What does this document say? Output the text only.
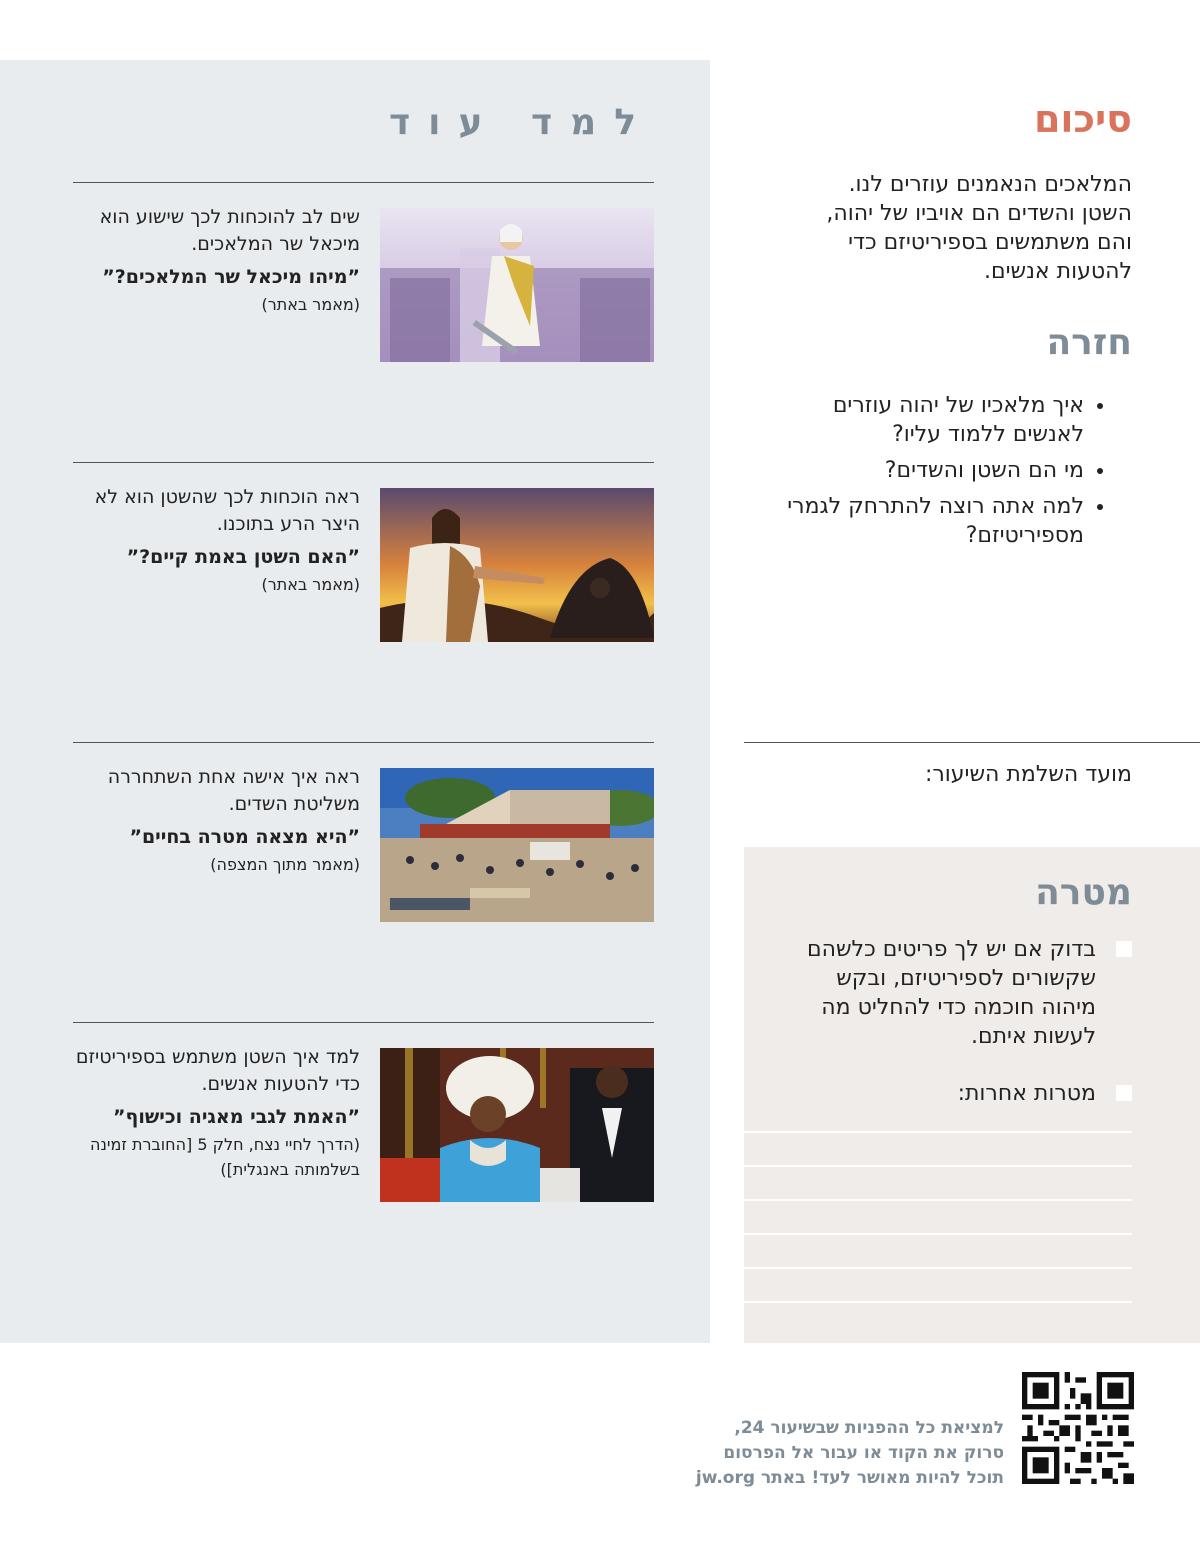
למד עוד

שים לב להוכחות לכך שישוע הוא מיכאל שר המלאכים.

”מיהו מיכאל שר המלאכים?”

(מאמר באתר)

ראה הוכחות לכך שהשטן הוא לא היצר הרע בתוכנו.

”האם השטן באמת קיים?”

(מאמר באתר)

ראה איך אישה אחת השתחררה משליטת השדים.

”היא מצאה מטרה בחיים”

(מאמר מתוך המצפה)

למד איך השטן משתמש בספיריטיזם כדי להטעות אנשים.

”האמת לגבי מאגיה וכישוף”

(הדרך לחיי נצח, חלק 5 [החוברת זמינה בשלמותה באנגלית])

סיכום

המלאכים הנאמנים עוזרים לנו. השטן והשדים הם אויביו של יהוה, והם משתמשים בספיריטיזם כדי להטעות אנשים.

חזרה
• איך מלאכיו של יהוה עוזרים לאנשים ללמוד עליו?
• מי הם השטן והשדים?
• למה אתה רוצה להתרחק לגמרי מספיריטיזם?

מועד השלמת השיעור:

מטרה
בדוק אם יש לך פריטים כלשהם שקשורים לספיריטיזם, ובקש מיהוה חוכמה כדי להחליט מה לעשות איתם.
מטרות אחרות:

למציאת כל ההפניות שבשיעור 24,
סרוק את הקוד או עבור אל הפרסום
תוכל להיות מאושר לעד! באתר jw.org
